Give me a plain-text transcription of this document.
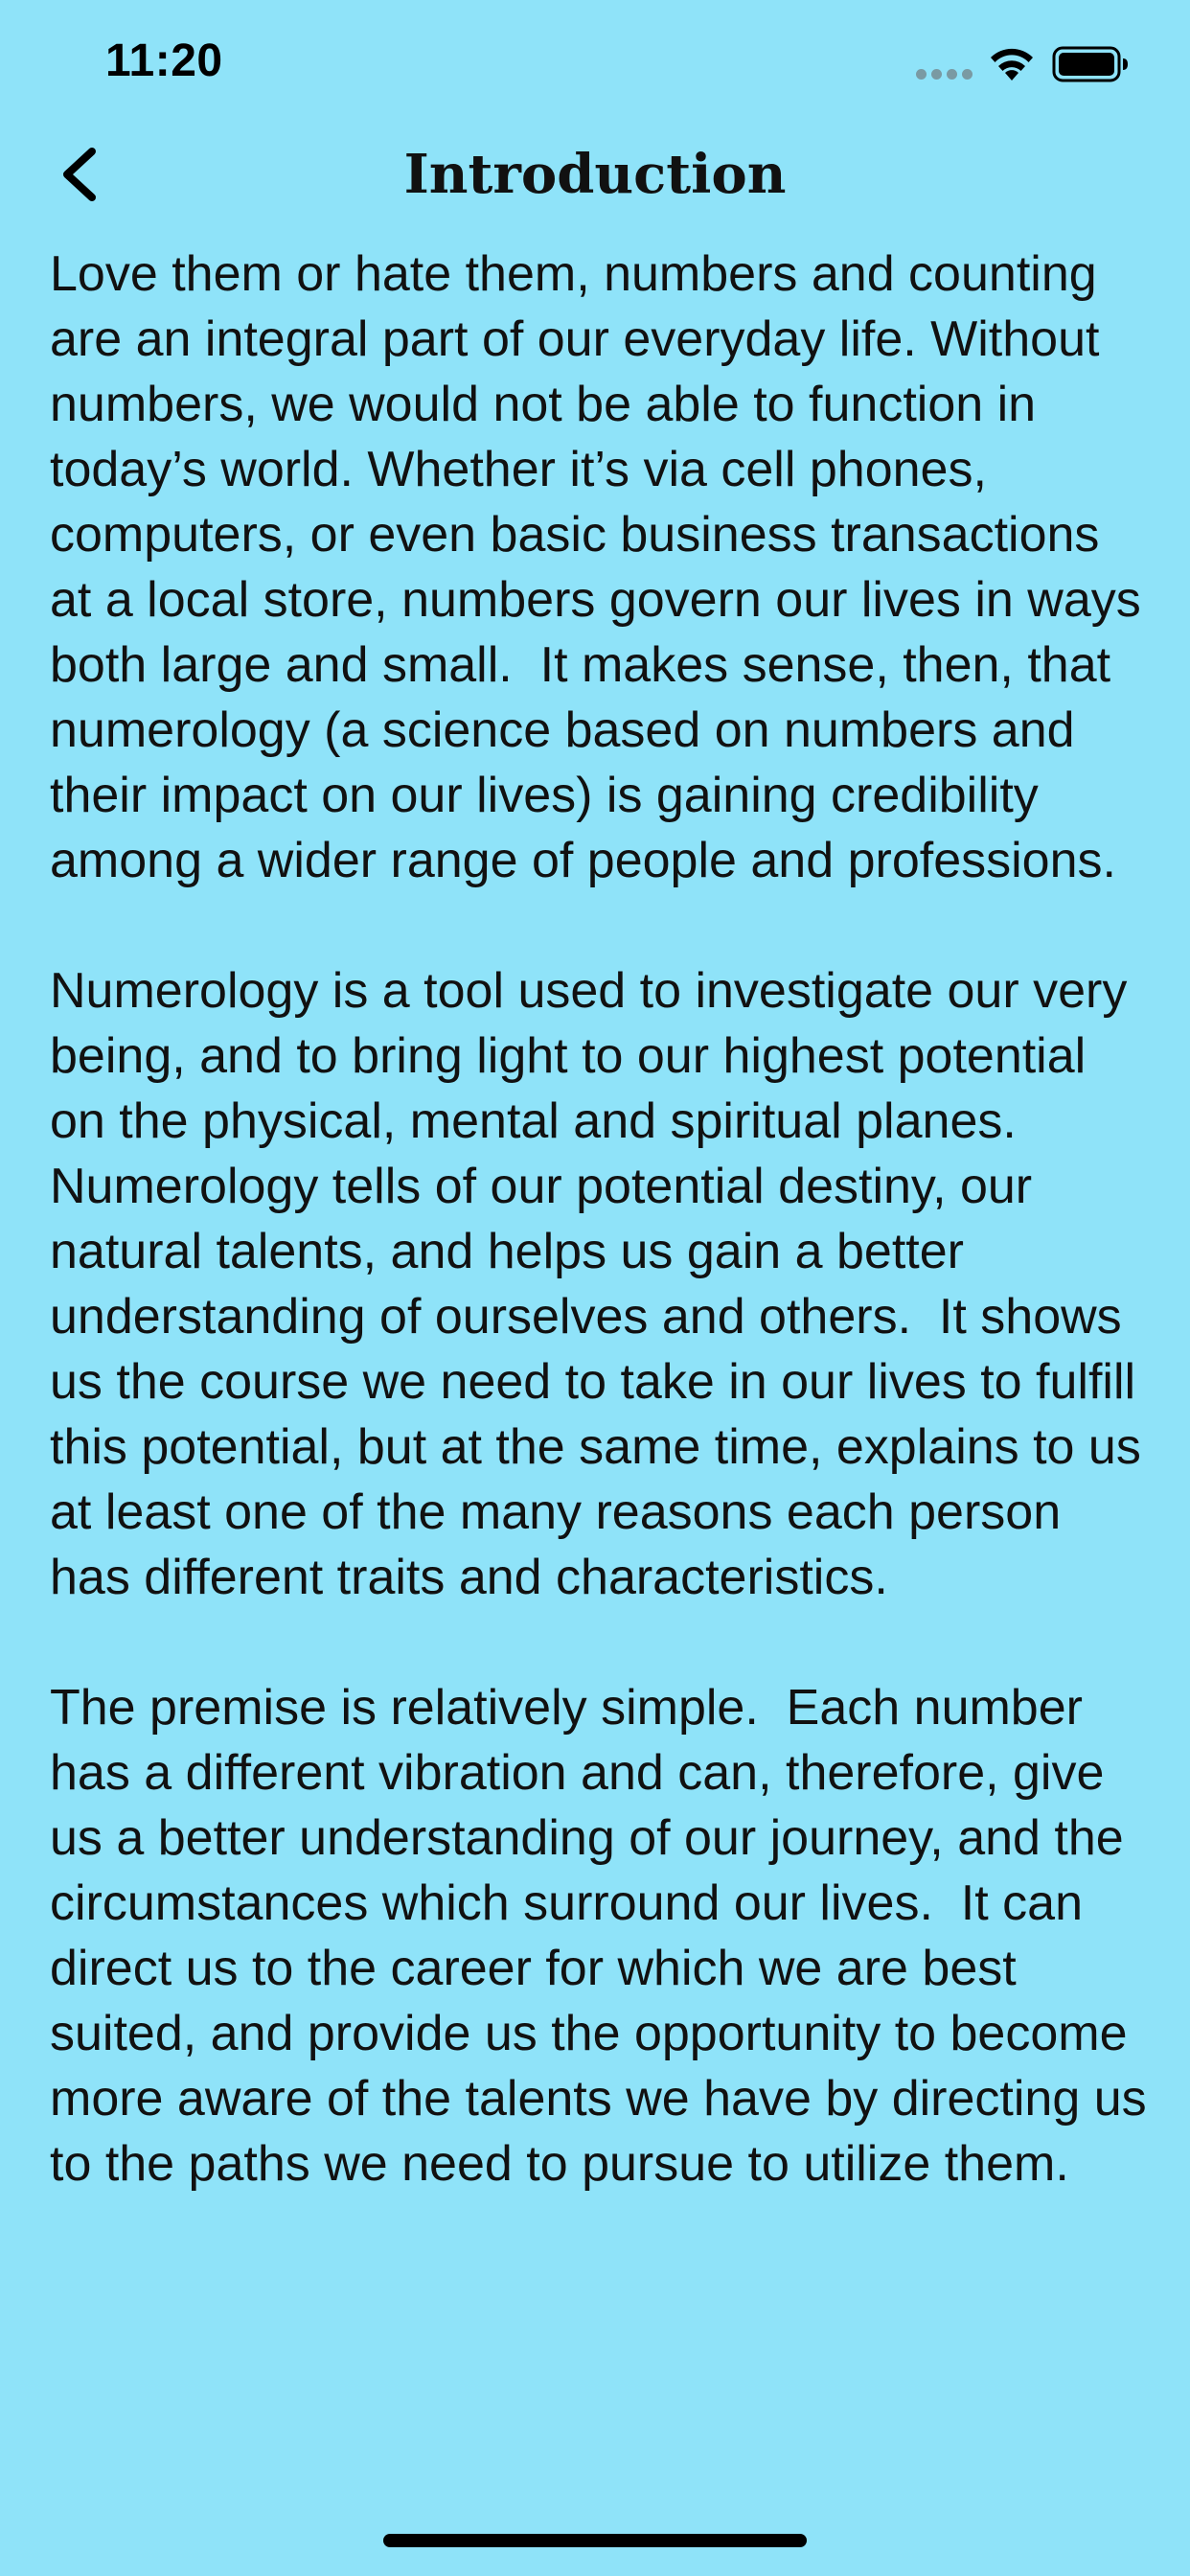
11:20
Introduction

Love them or hate them, numbers and counting are an integral part of our everyday life. Without numbers, we would not be able to function in today’s world. Whether it’s via cell phones, computers, or even basic business transactions at a local store, numbers govern our lives in ways both large and small.  It makes sense, then, that numerology (a science based on numbers and their impact on our lives) is gaining credibility among a wider range of people and professions.

Numerology is a tool used to investigate our very being, and to bring light to our highest potential on the physical, mental and spiritual planes.  Numerology tells of our potential destiny, our natural talents, and helps us gain a better understanding of ourselves and others.  It shows us the course we need to take in our lives to fulfill this potential, but at the same time, explains to us at least one of the many reasons each person has different traits and characteristics.

The premise is relatively simple.  Each number has a different vibration and can, therefore, give us a better understanding of our journey, and the circumstances which surround our lives.  It can direct us to the career for which we are best suited, and provide us the opportunity to become more aware of the talents we have by directing us to the paths we need to pursue to utilize them.
